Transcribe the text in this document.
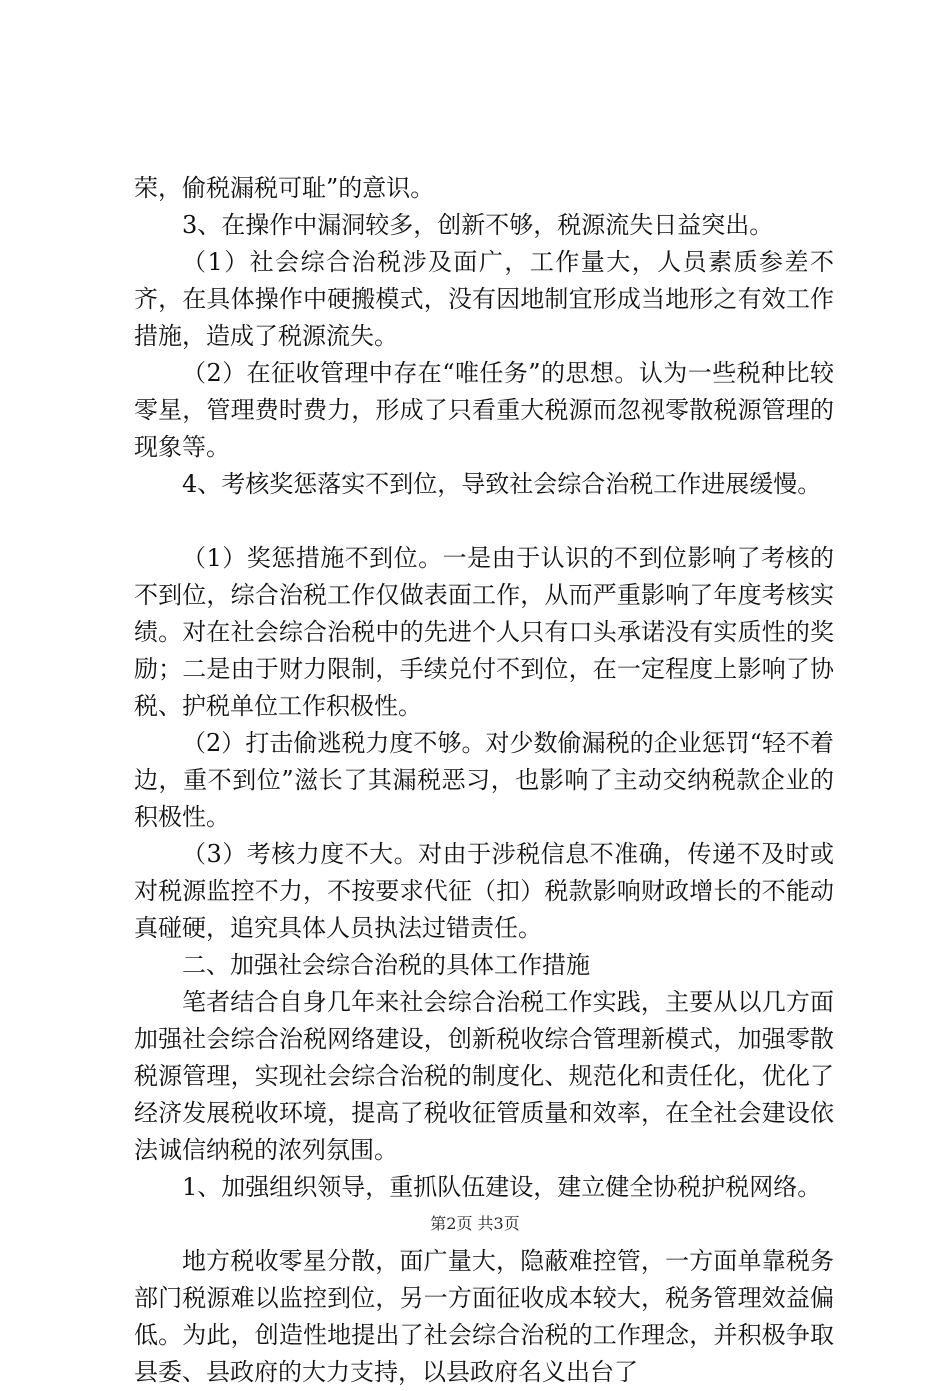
荣，偷税漏税可耻”的意识。

3、在操作中漏洞较多，创新不够，税源流失日益突出。

（1）社会综合治税涉及面广，工作量大，人员素质参差不齐，在具体操作中硬搬模式，没有因地制宜形成当地形之有效工作措施，造成了税源流失。

（2）在征收管理中存在“唯任务”的思想。认为一些税种比较零星，管理费时费力，形成了只看重大税源而忽视零散税源管理的现象等。

4、考核奖惩落实不到位，导致社会综合治税工作进展缓慢。

（1）奖惩措施不到位。一是由于认识的不到位影响了考核的不到位，综合治税工作仅做表面工作，从而严重影响了年度考核实绩。对在社会综合治税中的先进个人只有口头承诺没有实质性的奖励；二是由于财力限制，手续兑付不到位，在一定程度上影响了协税、护税单位工作积极性。

（2）打击偷逃税力度不够。对少数偷漏税的企业惩罚“轻不着边，重不到位”滋长了其漏税恶习，也影响了主动交纳税款企业的积极性。

（3）考核力度不大。对由于涉税信息不准确，传递不及时或对税源监控不力，不按要求代征（扣）税款影响财政增长的不能动真碰硬，追究具体人员执法过错责任。

二、加强社会综合治税的具体工作措施

笔者结合自身几年来社会综合治税工作实践，主要从以几方面加强社会综合治税网络建设，创新税收综合管理新模式，加强零散税源管理，实现社会综合治税的制度化、规范化和责任化，优化了经济发展税收环境，提高了税收征管质量和效率，在全社会建设依法诚信纳税的浓列氛围。

1、加强组织领导，重抓队伍建设，建立健全协税护税网络。

地方税收零星分散，面广量大，隐蔽难控管，一方面单靠税务部门税源难以监控到位，另一方面征收成本较大，税务管理效益偏低。为此，创造性地提出了社会综合治税的工作理念，并积极争取县委、县政府的大力支持，以县政府名义出台了

第2页 共3页
